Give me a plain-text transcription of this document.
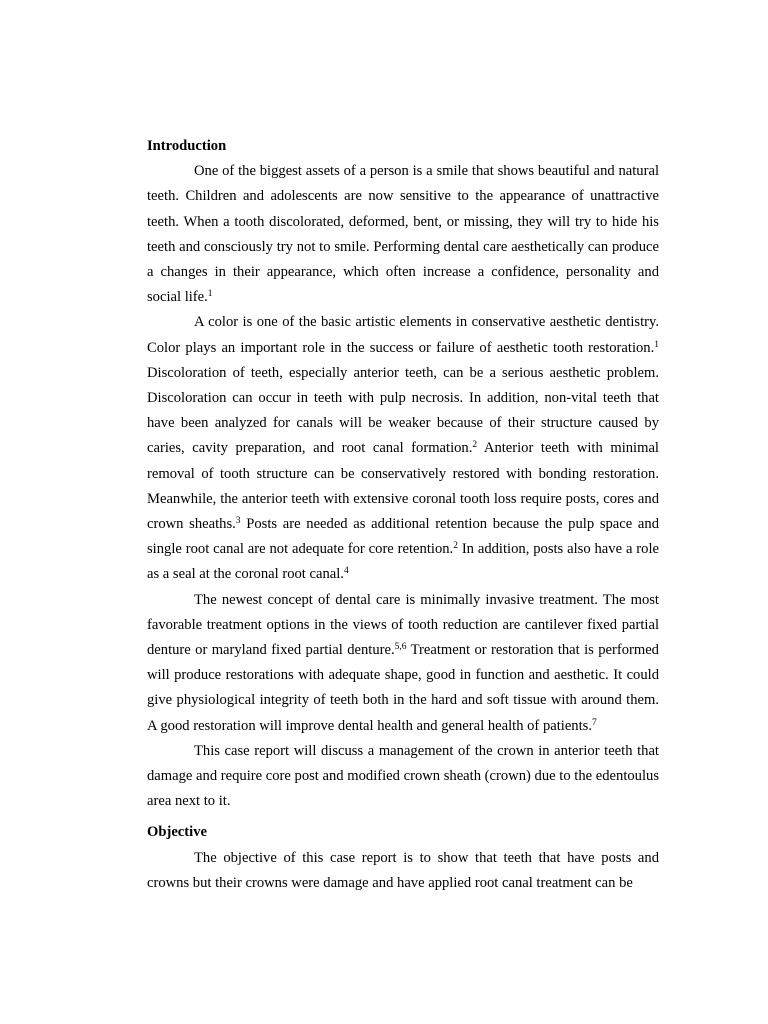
Introduction

One of the biggest assets of a person is a smile that shows beautiful and natural teeth. Children and adolescents are now sensitive to the appearance of unattractive teeth. When a tooth discolorated, deformed, bent, or missing, they will try to hide his teeth and consciously try not to smile. Performing dental care aesthetically can produce a changes in their appearance, which often increase a confidence, personality and social life.$^1$

A color is one of the basic artistic elements in conservative aesthetic dentistry. Color plays an important role in the success or failure of aesthetic tooth restoration.$^1$ Discoloration of teeth, especially anterior teeth, can be a serious aesthetic problem. Discoloration can occur in teeth with pulp necrosis. In addition, non-vital teeth that have been analyzed for canals will be weaker because of their structure caused by caries, cavity preparation, and root canal formation.$^2$ Anterior teeth with minimal removal of tooth structure can be conservatively restored with bonding restoration. Meanwhile, the anterior teeth with extensive coronal tooth loss require posts, cores and crown sheaths.$^3$ Posts are needed as additional retention because the pulp space and single root canal are not adequate for core retention.$^2$ In addition, posts also have a role as a seal at the coronal root canal.$^4$

The newest concept of dental care is minimally invasive treatment. The most favorable treatment options in the views of tooth reduction are cantilever fixed partial denture or maryland fixed partial denture.$^{5,6}$ Treatment or restoration that is performed will produce restorations with adequate shape, good in function and aesthetic. It could give physiological integrity of teeth both in the hard and soft tissue with around them. A good restoration will improve dental health and general health of patients.$^7$

This case report will discuss a management of the crown in anterior teeth that damage and require core post and modified crown sheath (crown) due to the edentoulus area next to it.

Objective

The objective of this case report is to show that teeth that have posts and crowns but their crowns were damage and have applied root canal treatment can be
